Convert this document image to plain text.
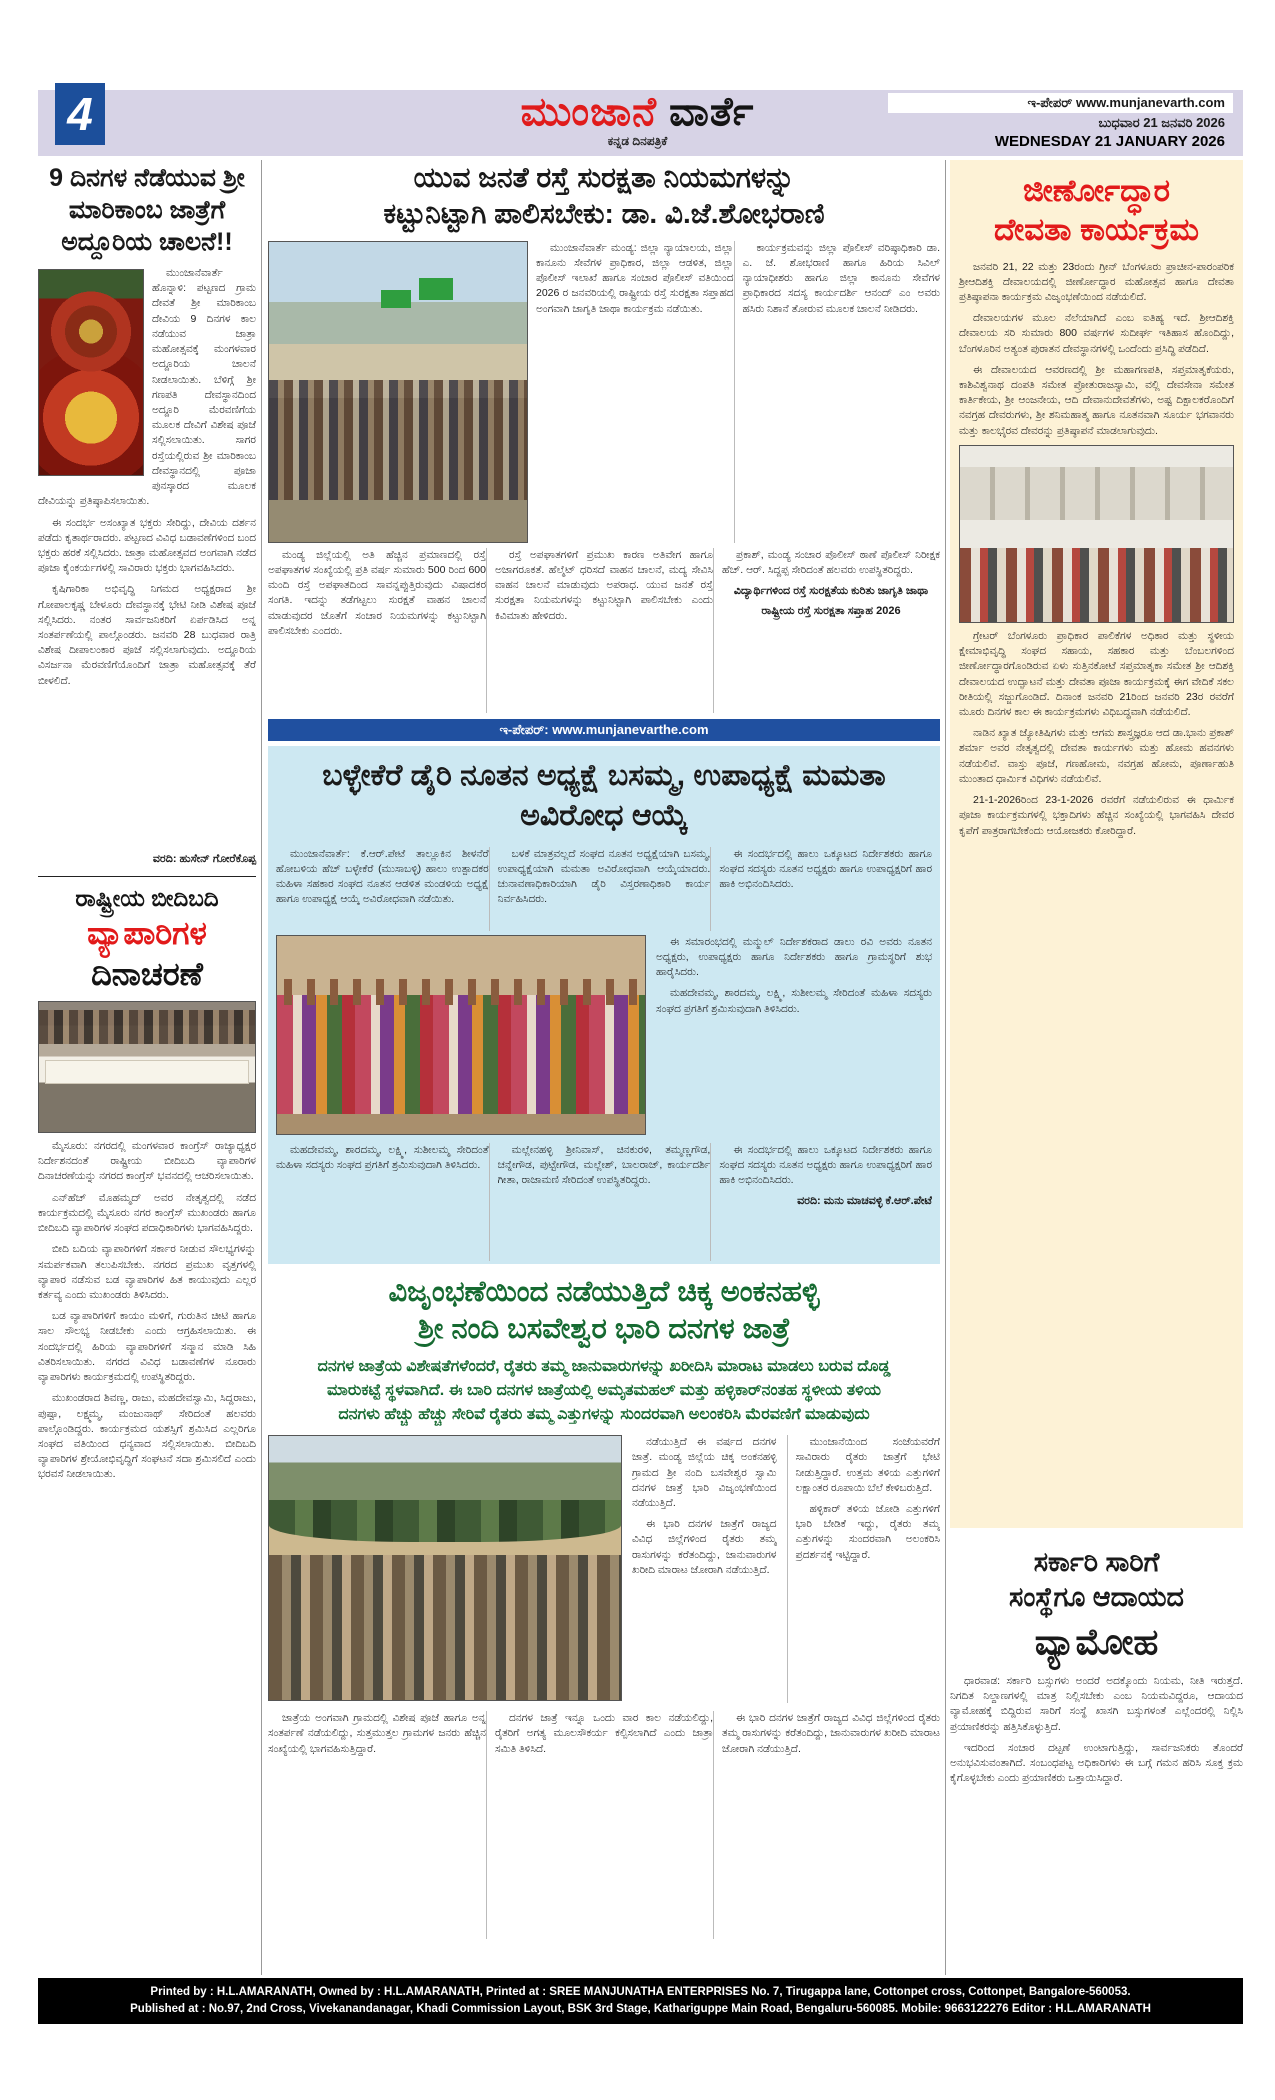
4	ಮುಂಜಾನೆ ವಾರ್ತೆ
ಕನ್ನಡ ದಿನಪತ್ರಿಕೆ
ಇ-ಪೇಪರ್ www.munjanevarth.com
ಬುಧವಾರ 21 ಜನವರಿ 2026
WEDNESDAY 21 JANUARY 2026
9 ದಿನಗಳ ನೆಡೆಯುವ ಶ್ರೀ ಮಾರಿಕಾಂಬ ಜಾತ್ರೆಗೆ ಅದ್ದೂರಿಯ ಚಾಲನೆ!!

ಮುಂಜಾನೆವಾರ್ತೆ ಹೊನ್ನಾಳಿ: ಪಟ್ಟಣದ ಗ್ರಾಮ ದೇವತೆ ಶ್ರೀ ಮಾರಿಕಾಂಬ ದೇವಿಯ 9 ದಿನಗಳ ಕಾಲ ನಡೆಯುವ ಜಾತ್ರಾ ಮಹೋತ್ಸವಕ್ಕೆ ಮಂಗಳವಾರ ಅದ್ದೂರಿಯ ಚಾಲನೆ ನೀಡಲಾಯಿತು. ಬೆಳಿಗ್ಗೆ ಶ್ರೀ ಗಣಪತಿ ದೇವಸ್ಥಾನದಿಂದ ಅದ್ದೂರಿ ಮೆರವಣಿಗೆಯ ಮೂಲಕ ದೇವಿಗೆ ವಿಶೇಷ ಪೂಜೆ ಸಲ್ಲಿಸಲಾಯಿತು. ಸಾಗರ ರಸ್ತೆಯಲ್ಲಿರುವ ಶ್ರೀ ಮಾರಿಕಾಂಬ ದೇವಸ್ಥಾನದಲ್ಲಿ ಪೂಜಾ ಪುನಸ್ಕಾರದ ಮೂಲಕ ದೇವಿಯನ್ನು ಪ್ರತಿಷ್ಠಾಪಿಸಲಾಯಿತು.

ಈ ಸಂದರ್ಭ ಅಸಂಖ್ಯಾತ ಭಕ್ತರು ಸೇರಿದ್ದು, ದೇವಿಯ ದರ್ಶನ ಪಡೆದು ಕೃತಾರ್ಥರಾದರು. ಪಟ್ಟಣದ ವಿವಿಧ ಬಡಾವಣೆಗಳಿಂದ ಬಂದ ಭಕ್ತರು ಹರಕೆ ಸಲ್ಲಿಸಿದರು. ಜಾತ್ರಾ ಮಹೋತ್ಸವದ ಅಂಗವಾಗಿ ನಡೆದ ಪೂಜಾ ಕೈಂಕರ್ಯಗಳಲ್ಲಿ ಸಾವಿರಾರು ಭಕ್ತರು ಭಾಗವಹಿಸಿದರು.

ಕೃಷಿಗಾರಿಕಾ ಅಭಿವೃದ್ಧಿ ನಿಗಮದ ಅಧ್ಯಕ್ಷರಾದ ಶ್ರೀ ಗೋಪಾಲಕೃಷ್ಣ ಬೇಳೂರು ದೇವಸ್ಥಾನಕ್ಕೆ ಭೇಟಿ ನೀಡಿ ವಿಶೇಷ ಪೂಜೆ ಸಲ್ಲಿಸಿದರು. ನಂತರ ಸಾರ್ವಜನಿಕರಿಗೆ ಏರ್ಪಡಿಸಿದ ಅನ್ನ ಸಂತರ್ಪಣೆಯಲ್ಲಿ ಪಾಲ್ಗೊಂಡರು. ಜನವರಿ 28 ಬುಧವಾರ ರಾತ್ರಿ ವಿಶೇಷ ದೀಪಾಲಂಕಾರ ಪೂಜೆ ಸಲ್ಲಿಸಲಾಗುವುದು. ಅದ್ದೂರಿಯ ವಿಸರ್ಜನಾ ಮೆರವಣಿಗೆಯೊಂದಿಗೆ ಜಾತ್ರಾ ಮಹೋತ್ಸವಕ್ಕೆ ತೆರೆ ಬೀಳಲಿದೆ.

ವರದಿ: ಹುಸೇನ್ ಗೋರೆಕೊಪ್ಪ
ರಾಷ್ಟ್ರೀಯ ಬೀದಿಬದಿ
ವ್ಯಾಪಾರಿಗಳ
ದಿನಾಚರಣೆ

ಮೈಸೂರು: ನಗರದಲ್ಲಿ ಮಂಗಳವಾರ ಕಾಂಗ್ರೆಸ್ ರಾಜ್ಯಾಧ್ಯಕ್ಷರ ನಿರ್ದೇಶನದಂತೆ ರಾಷ್ಟ್ರೀಯ ಬೀದಿಬದಿ ವ್ಯಾಪಾರಿಗಳ ದಿನಾಚರಣೆಯನ್ನು ನಗರದ ಕಾಂಗ್ರೆಸ್ ಭವನದಲ್ಲಿ ಆಚರಿಸಲಾಯಿತು.

ಎನ್‌ಹೆಚ್ ಮೊಹಮ್ಮದ್ ಅವರ ನೇತೃತ್ವದಲ್ಲಿ ನಡೆದ ಕಾರ್ಯಕ್ರಮದಲ್ಲಿ ಮೈಸೂರು ನಗರ ಕಾಂಗ್ರೆಸ್ ಮುಖಂಡರು ಹಾಗೂ ಬೀದಿಬದಿ ವ್ಯಾಪಾರಿಗಳ ಸಂಘದ ಪದಾಧಿಕಾರಿಗಳು ಭಾಗವಹಿಸಿದ್ದರು.

ಬೀದಿ ಬದಿಯ ವ್ಯಾಪಾರಿಗಳಿಗೆ ಸರ್ಕಾರ ನೀಡುವ ಸೌಲಭ್ಯಗಳನ್ನು ಸಮರ್ಪಕವಾಗಿ ತಲುಪಿಸಬೇಕು. ನಗರದ ಪ್ರಮುಖ ವೃತ್ತಗಳಲ್ಲಿ ವ್ಯಾಪಾರ ನಡೆಸುವ ಬಡ ವ್ಯಾಪಾರಿಗಳ ಹಿತ ಕಾಯುವುದು ಎಲ್ಲರ ಕರ್ತವ್ಯ ಎಂದು ಮುಖಂಡರು ತಿಳಿಸಿದರು.

ಬಡ ವ್ಯಾಪಾರಿಗಳಿಗೆ ಕಾಯಂ ಮಳಿಗೆ, ಗುರುತಿನ ಚೀಟಿ ಹಾಗೂ ಸಾಲ ಸೌಲಭ್ಯ ನೀಡಬೇಕು ಎಂದು ಆಗ್ರಹಿಸಲಾಯಿತು. ಈ ಸಂದರ್ಭದಲ್ಲಿ ಹಿರಿಯ ವ್ಯಾಪಾರಿಗಳಿಗೆ ಸನ್ಮಾನ ಮಾಡಿ ಸಿಹಿ ವಿತರಿಸಲಾಯಿತು. ನಗರದ ವಿವಿಧ ಬಡಾವಣೆಗಳ ನೂರಾರು ವ್ಯಾಪಾರಿಗಳು ಕಾರ್ಯಕ್ರಮದಲ್ಲಿ ಉಪಸ್ಥಿತರಿದ್ದರು.

ಮುಖಂಡರಾದ ಶಿವಣ್ಣ, ರಾಜು, ಮಹದೇವಸ್ವಾಮಿ, ಸಿದ್ದರಾಜು, ಪುಷ್ಪಾ, ಲಕ್ಷ್ಮಮ್ಮ, ಮಂಜುನಾಥ್ ಸೇರಿದಂತೆ ಹಲವರು ಪಾಲ್ಗೊಂಡಿದ್ದರು. ಕಾರ್ಯಕ್ರಮದ ಯಶಸ್ಸಿಗೆ ಶ್ರಮಿಸಿದ ಎಲ್ಲರಿಗೂ ಸಂಘದ ವತಿಯಿಂದ ಧನ್ಯವಾದ ಸಲ್ಲಿಸಲಾಯಿತು. ಬೀದಿಬದಿ ವ್ಯಾಪಾರಿಗಳ ಶ್ರೇಯೋಭಿವೃದ್ಧಿಗೆ ಸಂಘಟನೆ ಸದಾ ಶ್ರಮಿಸಲಿದೆ ಎಂದು ಭರವಸೆ ನೀಡಲಾಯಿತು.

ಯುವ ಜನತೆ ರಸ್ತೆ ಸುರಕ್ಷತಾ ನಿಯಮಗಳನ್ನು
ಕಟ್ಟುನಿಟ್ಟಾಗಿ ಪಾಲಿಸಬೇಕು: ಡಾ. ವಿ.ಜೆ.ಶೋಭರಾಣಿ

ಮುಂಜಾನೆವಾರ್ತೆ ಮಂಡ್ಯ: ಜಿಲ್ಲಾ ನ್ಯಾಯಾಲಯ, ಜಿಲ್ಲಾ ಕಾನೂನು ಸೇವೆಗಳ ಪ್ರಾಧಿಕಾರ, ಜಿಲ್ಲಾ ಆಡಳಿತ, ಜಿಲ್ಲಾ ಪೊಲೀಸ್ ಇಲಾಖೆ ಹಾಗೂ ಸಂಚಾರ ಪೊಲೀಸ್ ವತಿಯಿಂದ 2026 ರ ಜನವರಿಯಲ್ಲಿ ರಾಷ್ಟ್ರೀಯ ರಸ್ತೆ ಸುರಕ್ಷತಾ ಸಪ್ತಾಹದ ಅಂಗವಾಗಿ ಜಾಗೃತಿ ಜಾಥಾ ಕಾರ್ಯಕ್ರಮ ನಡೆಯಿತು.

ಕಾರ್ಯಕ್ರಮವನ್ನು ಜಿಲ್ಲಾ ಪೊಲೀಸ್ ವರಿಷ್ಠಾಧಿಕಾರಿ ಡಾ. ಎ. ಜೆ. ಶೋಭರಾಣಿ ಹಾಗೂ ಹಿರಿಯ ಸಿವಿಲ್ ನ್ಯಾಯಾಧೀಶರು ಹಾಗೂ ಜಿಲ್ಲಾ ಕಾನೂನು ಸೇವೆಗಳ ಪ್ರಾಧಿಕಾರದ ಸದಸ್ಯ ಕಾರ್ಯದರ್ಶಿ ಆನಂದ್ ಎಂ ಅವರು ಹಸಿರು ನಿಶಾನೆ ತೋರುವ ಮೂಲಕ ಚಾಲನೆ ನೀಡಿದರು.

ಮಂಡ್ಯ ಜಿಲ್ಲೆಯಲ್ಲಿ ಅತಿ ಹೆಚ್ಚಿನ ಪ್ರಮಾಣದಲ್ಲಿ ರಸ್ತೆ ಅಪಘಾತಗಳ ಸಂಖ್ಯೆಯಲ್ಲಿ ಪ್ರತಿ ವರ್ಷ ಸುಮಾರು 500 ರಿಂದ 600 ಮಂದಿ ರಸ್ತೆ ಅಪಘಾತದಿಂದ ಸಾವನ್ನಪ್ಪುತ್ತಿರುವುದು ವಿಷಾದಕರ ಸಂಗತಿ. ಇದನ್ನು ತಡೆಗಟ್ಟಲು ಸುರಕ್ಷತೆ ವಾಹನ ಚಾಲನೆ ಮಾಡುವುದರ ಜೊತೆಗೆ ಸಂಚಾರ ನಿಯಮಗಳನ್ನು ಕಟ್ಟುನಿಟ್ಟಾಗಿ ಪಾಲಿಸಬೇಕು ಎಂದರು.

ರಸ್ತೆ ಅಪಘಾತಗಳಿಗೆ ಪ್ರಮುಖ ಕಾರಣ ಅತಿವೇಗ ಹಾಗೂ ಅಜಾಗರೂಕತೆ. ಹೆಲ್ಮೆಟ್ ಧರಿಸದೆ ವಾಹನ ಚಾಲನೆ, ಮದ್ಯ ಸೇವಿಸಿ ವಾಹನ ಚಾಲನೆ ಮಾಡುವುದು ಅಪರಾಧ. ಯುವ ಜನತೆ ರಸ್ತೆ ಸುರಕ್ಷತಾ ನಿಯಮಗಳನ್ನು ಕಟ್ಟುನಿಟ್ಟಾಗಿ ಪಾಲಿಸಬೇಕು ಎಂದು ಕಿವಿಮಾತು ಹೇಳಿದರು.

ಪ್ರಕಾಶ್, ಮಂಡ್ಯ ಸಂಚಾರ ಪೊಲೀಸ್ ಠಾಣೆ ಪೊಲೀಸ್ ನಿರೀಕ್ಷಕ ಹೆಚ್. ಆರ್. ಸಿದ್ದಪ್ಪ ಸೇರಿದಂತೆ ಹಲವರು ಉಪಸ್ಥಿತರಿದ್ದರು.

ವಿದ್ಯಾರ್ಥಿಗಳಿಂದ ರಸ್ತೆ ಸುರಕ್ಷತೆಯ ಕುರಿತು ಜಾಗೃತಿ ಜಾಥಾ
ರಾಷ್ಟ್ರೀಯ ರಸ್ತೆ ಸುರಕ್ಷತಾ ಸಪ್ತಾಹ 2026
ಇ-ಪೇಪರ್: www.munjanevarthe.com
ಬಳ್ಳೇಕೆರೆ ಡೈರಿ ನೂತನ ಅಧ್ಯಕ್ಷೆ ಬಸಮ್ಮ, ಉಪಾಧ್ಯಕ್ಷೆ ಮಮತಾ ಅವಿರೋಧ ಆಯ್ಕೆ

ಮುಂಜಾನೆವಾರ್ತೆ: ಕೆ.ಆರ್.ಪೇಟೆ ತಾಲ್ಲೂಕಿನ ಶೀಳನೆರೆ ಹೋಬಳಿಯ ಹೆಚ್ ಬಳ್ಳೇಕೆರೆ (ಮುಸಾಬಳ್ಳಿ) ಹಾಲು ಉತ್ಪಾದಕರ ಮಹಿಳಾ ಸಹಕಾರ ಸಂಘದ ನೂತನ ಆಡಳಿತ ಮಂಡಳಿಯ ಅಧ್ಯಕ್ಷೆ ಹಾಗೂ ಉಪಾಧ್ಯಕ್ಷೆ ಆಯ್ಕೆ ಅವಿರೋಧವಾಗಿ ನಡೆಯಿತು.

ಬಳಕೆ ಮಾತ್ರವಲ್ಲದೆ ಸಂಘದ ನೂತನ ಅಧ್ಯಕ್ಷೆಯಾಗಿ ಬಸಮ್ಮ, ಉಪಾಧ್ಯಕ್ಷೆಯಾಗಿ ಮಮತಾ ಅವಿರೋಧವಾಗಿ ಆಯ್ಕೆಯಾದರು. ಚುನಾವಣಾಧಿಕಾರಿಯಾಗಿ ಡೈರಿ ವಿಸ್ತರಣಾಧಿಕಾರಿ ಕಾರ್ಯ ನಿರ್ವಹಿಸಿದರು.

ಈ ಸಂದರ್ಭದಲ್ಲಿ ಹಾಲು ಒಕ್ಕೂಟದ ನಿರ್ದೇಶಕರು ಹಾಗೂ ಸಂಘದ ಸದಸ್ಯರು ನೂತನ ಅಧ್ಯಕ್ಷರು ಹಾಗೂ ಉಪಾಧ್ಯಕ್ಷರಿಗೆ ಹಾರ ಹಾಕಿ ಅಭಿನಂದಿಸಿದರು.

ಈ ಸಮಾರಂಭದಲ್ಲಿ ಮನ್ಮುಲ್ ನಿರ್ದೇಶಕರಾದ ಡಾಲು ರವಿ ಅವರು ನೂತನ ಅಧ್ಯಕ್ಷರು, ಉಪಾಧ್ಯಕ್ಷರು ಹಾಗೂ ನಿರ್ದೇಶಕರು ಹಾಗೂ ಗ್ರಾಮಸ್ಥರಿಗೆ ಶುಭ ಹಾರೈಸಿದರು.

ಮಹದೇವಮ್ಮ, ಶಾರದಮ್ಮ, ಲಕ್ಷ್ಮಿ, ಸುಶೀಲಮ್ಮ ಸೇರಿದಂತೆ ಮಹಿಳಾ ಸದಸ್ಯರು ಸಂಘದ ಪ್ರಗತಿಗೆ ಶ್ರಮಿಸುವುದಾಗಿ ತಿಳಿಸಿದರು.

ಮಹದೇವಮ್ಮ, ಶಾರದಮ್ಮ, ಲಕ್ಷ್ಮಿ, ಸುಶೀಲಮ್ಮ ಸೇರಿದಂತೆ ಮಹಿಳಾ ಸದಸ್ಯರು ಸಂಘದ ಪ್ರಗತಿಗೆ ಶ್ರಮಿಸುವುದಾಗಿ ತಿಳಿಸಿದರು.

ಮಲ್ಲೇನಹಳ್ಳಿ ಶ್ರೀನಿವಾಸ್, ಚಿನಕುರಳಿ, ತಮ್ಮಣ್ಣಗೌಡ, ಚನ್ನೇಗೌಡ, ಪುಟ್ಟೇಗೌಡ, ಮಲ್ಲೇಶ್, ಬಾಲರಾಜ್, ಕಾರ್ಯದರ್ಶಿ ಗೀತಾ, ರಾಜಾಮಣಿ ಸೇರಿದಂತೆ ಉಪಸ್ಥಿತರಿದ್ದರು.

ಈ ಸಂದರ್ಭದಲ್ಲಿ ಹಾಲು ಒಕ್ಕೂಟದ ನಿರ್ದೇಶಕರು ಹಾಗೂ ಸಂಘದ ಸದಸ್ಯರು ನೂತನ ಅಧ್ಯಕ್ಷರು ಹಾಗೂ ಉಪಾಧ್ಯಕ್ಷರಿಗೆ ಹಾರ ಹಾಕಿ ಅಭಿನಂದಿಸಿದರು.

ವರದಿ: ಮನು ಮಾಚವಳ್ಳಿ ಕೆ.ಆರ್.ಪೇಟೆ
ವಿಜೃಂಭಣೆಯಿಂದ ನಡೆಯುತ್ತಿದೆ ಚಿಕ್ಕ ಅಂಕನಹಳ್ಳಿ
ಶ್ರೀ ನಂದಿ ಬಸವೇಶ್ವರ ಭಾರಿ ದನಗಳ ಜಾತ್ರೆ
ದನಗಳ ಜಾತ್ರೆಯ ವಿಶೇಷತೆಗಳೆಂದರೆ, ರೈತರು ತಮ್ಮ ಜಾನುವಾರುಗಳನ್ನು ಖರೀದಿಸಿ ಮಾರಾಟ ಮಾಡಲು ಬರುವ ದೊಡ್ಡ ಮಾರುಕಟ್ಟೆ ಸ್ಥಳವಾಗಿದೆ. ಈ ಬಾರಿ ದನಗಳ ಜಾತ್ರೆಯಲ್ಲಿ ಅಮೃತಮಹಲ್ ಮತ್ತು ಹಳ್ಳಿಕಾರ್‌ನಂತಹ ಸ್ಥಳೀಯ ತಳಿಯ ದನಗಳು ಹೆಚ್ಚು ಹೆಚ್ಚು ಸೇರಿವೆ ರೈತರು ತಮ್ಮ ಎತ್ತುಗಳನ್ನು ಸುಂದರವಾಗಿ ಅಲಂಕರಿಸಿ ಮೆರವಣಿಗೆ ಮಾಡುವುದು

ನಡೆಯುತ್ತಿದೆ ಈ ವರ್ಷದ ದನಗಳ ಜಾತ್ರೆ. ಮಂಡ್ಯ ಜಿಲ್ಲೆಯ ಚಿಕ್ಕ ಅಂಕನಹಳ್ಳಿ ಗ್ರಾಮದ ಶ್ರೀ ನಂದಿ ಬಸವೇಶ್ವರ ಸ್ವಾಮಿ ದನಗಳ ಜಾತ್ರೆ ಭಾರಿ ವಿಜೃಂಭಣೆಯಿಂದ ನಡೆಯುತ್ತಿದೆ.

ಈ ಭಾರಿ ದನಗಳ ಜಾತ್ರೆಗೆ ರಾಜ್ಯದ ವಿವಿಧ ಜಿಲ್ಲೆಗಳಿಂದ ರೈತರು ತಮ್ಮ ರಾಸುಗಳನ್ನು ಕರೆತಂದಿದ್ದು, ಜಾನುವಾರುಗಳ ಖರೀದಿ ಮಾರಾಟ ಜೋರಾಗಿ ನಡೆಯುತ್ತಿದೆ.

ಮುಂಜಾನೆಯಿಂದ ಸಂಜೆಯವರೆಗೆ ಸಾವಿರಾರು ರೈತರು ಜಾತ್ರೆಗೆ ಭೇಟಿ ನೀಡುತ್ತಿದ್ದಾರೆ. ಉತ್ತಮ ತಳಿಯ ಎತ್ತುಗಳಿಗೆ ಲಕ್ಷಾಂತರ ರೂಪಾಯಿ ಬೆಲೆ ಕೇಳಿಬರುತ್ತಿದೆ.

ಹಳ್ಳಿಕಾರ್ ತಳಿಯ ಜೋಡಿ ಎತ್ತುಗಳಿಗೆ ಭಾರಿ ಬೇಡಿಕೆ ಇದ್ದು, ರೈತರು ತಮ್ಮ ಎತ್ತುಗಳನ್ನು ಸುಂದರವಾಗಿ ಅಲಂಕರಿಸಿ ಪ್ರದರ್ಶನಕ್ಕೆ ಇಟ್ಟಿದ್ದಾರೆ.

ಜಾತ್ರೆಯ ಅಂಗವಾಗಿ ಗ್ರಾಮದಲ್ಲಿ ವಿಶೇಷ ಪೂಜೆ ಹಾಗೂ ಅನ್ನ ಸಂತರ್ಪಣೆ ನಡೆಯಲಿದ್ದು, ಸುತ್ತಮುತ್ತಲ ಗ್ರಾಮಗಳ ಜನರು ಹೆಚ್ಚಿನ ಸಂಖ್ಯೆಯಲ್ಲಿ ಭಾಗವಹಿಸುತ್ತಿದ್ದಾರೆ.

ದನಗಳ ಜಾತ್ರೆ ಇನ್ನೂ ಒಂದು ವಾರ ಕಾಲ ನಡೆಯಲಿದ್ದು, ರೈತರಿಗೆ ಅಗತ್ಯ ಮೂಲಸೌಕರ್ಯ ಕಲ್ಪಿಸಲಾಗಿದೆ ಎಂದು ಜಾತ್ರಾ ಸಮಿತಿ ತಿಳಿಸಿದೆ.

ಈ ಭಾರಿ ದನಗಳ ಜಾತ್ರೆಗೆ ರಾಜ್ಯದ ವಿವಿಧ ಜಿಲ್ಲೆಗಳಿಂದ ರೈತರು ತಮ್ಮ ರಾಸುಗಳನ್ನು ಕರೆತಂದಿದ್ದು, ಜಾನುವಾರುಗಳ ಖರೀದಿ ಮಾರಾಟ ಜೋರಾಗಿ ನಡೆಯುತ್ತಿದೆ.

ಜೀರ್ಣೋದ್ಧಾರ
ದೇವತಾ ಕಾರ್ಯಕ್ರಮ

ಜನವರಿ 21, 22 ಮತ್ತು 23ರಂದು ಗ್ರೀನ್ ಬೆಂಗಳೂರು ಪ್ರಾಚೀನ-ಪಾರಂಪರಿಕ ಶ್ರೀಆದಿಶಕ್ತಿ ದೇವಾಲಯದಲ್ಲಿ ಜೀರ್ಣೋದ್ಧಾರ ಮಹೋತ್ಸವ ಹಾಗೂ ದೇವತಾ ಪ್ರತಿಷ್ಠಾಪನಾ ಕಾರ್ಯಕ್ರಮ ವಿಜೃಂಭಣೆಯಿಂದ ನಡೆಯಲಿದೆ.

ದೇವಾಲಯಗಳ ಮೂಲ ನೆಲೆಯಾಗಿದೆ ಎಂಬ ಐತಿಹ್ಯ ಇದೆ. ಶ್ರೀಆದಿಶಕ್ತಿ ದೇವಾಲಯ ಸರಿ ಸುಮಾರು 800 ವರ್ಷಗಳ ಸುದೀರ್ಘ ಇತಿಹಾಸ ಹೊಂದಿದ್ದು, ಬೆಂಗಳೂರಿನ ಅತ್ಯಂತ ಪುರಾತನ ದೇವಸ್ಥಾನಗಳಲ್ಲಿ ಒಂದೆಂದು ಪ್ರಸಿದ್ಧಿ ಪಡೆದಿದೆ.

ಈ ದೇವಾಲಯದ ಆವರಣದಲ್ಲಿ ಶ್ರೀ ಮಹಾಗಣಪತಿ, ಸಪ್ತಮಾತೃಕೆಯರು, ಕಾಶಿವಿಶ್ವನಾಥ ದಂಪತಿ ಸಮೇತ ಪ್ರೋತುರಾಜಸ್ವಾಮಿ, ವಲ್ಲಿ ದೇವಸೇನಾ ಸಮೇತ ಕಾರ್ತಿಕೇಯ, ಶ್ರೀ ಆಂಜನೇಯ, ಆದಿ ದೇವಾನುದೇವತೆಗಳು, ಅಷ್ಟ ದಿಕ್ಪಾಲಕರೊಂದಿಗೆ ನವಗ್ರಹ ದೇವರುಗಳು, ಶ್ರೀ ಶನಿಮಹಾತ್ಮ ಹಾಗೂ ನೂತನವಾಗಿ ಸೂರ್ಯ ಭಗವಾನರು ಮತ್ತು ಕಾಲಭೈರವ ದೇವರನ್ನು ಪ್ರತಿಷ್ಠಾಪನೆ ಮಾಡಲಾಗುವುದು.

ಗ್ರೇಟರ್ ಬೆಂಗಳೂರು ಪ್ರಾಧಿಕಾರ ಪಾಲಿಕೆಗಳ ಅಧಿಕಾರ ಮತ್ತು ಸ್ಥಳೀಯ ಕ್ಷೇಮಾಭಿವೃದ್ಧಿ ಸಂಘದ ಸಹಾಯ, ಸಹಕಾರ ಮತ್ತು ಬೆಂಬಲಗಳಿಂದ ಜೀರ್ಣೋದ್ಧಾರಗೊಂಡಿರುವ ಏಳು ಸುತ್ತಿನಕೋಟೆ ಸಪ್ತಮಾತೃಕಾ ಸಮೇತ ಶ್ರೀ ಆದಿಶಕ್ತಿ ದೇವಾಲಯದ ಉದ್ಘಾಟನೆ ಮತ್ತು ದೇವತಾ ಪೂಜಾ ಕಾರ್ಯಕ್ರಮಕ್ಕೆ ಈಗ ವೇದಿಕೆ ಸಕಲ ರೀತಿಯಲ್ಲಿ ಸಜ್ಜುಗೊಂಡಿದೆ. ದಿನಾಂಕ ಜನವರಿ 21ರಿಂದ ಜನವರಿ 23ರ ರವರೆಗೆ ಮೂರು ದಿನಗಳ ಕಾಲ ಈ ಕಾರ್ಯಕ್ರಮಗಳು ವಿಧಿಬದ್ಧವಾಗಿ ನಡೆಯಲಿದೆ.

ನಾಡಿನ ಖ್ಯಾತ ಜ್ಯೋತಿಷಿಗಳು ಮತ್ತು ಆಗಮ ಶಾಸ್ತ್ರಜ್ಞರೂ ಆದ ಡಾ.ಭಾನು ಪ್ರಕಾಶ್ ಶರ್ಮಾ ಅವರ ನೇತೃತ್ವದಲ್ಲಿ ದೇವತಾ ಕಾರ್ಯಗಳು ಮತ್ತು ಹೋಮ ಹವನಗಳು ನಡೆಯಲಿವೆ. ವಾಸ್ತು ಪೂಜೆ, ಗಣಹೋಮ, ನವಗ್ರಹ ಹೋಮ, ಪೂರ್ಣಾಹುತಿ ಮುಂತಾದ ಧಾರ್ಮಿಕ ವಿಧಿಗಳು ನಡೆಯಲಿವೆ.

21-1-2026ರಿಂದ 23-1-2026 ರವರೆಗೆ ನಡೆಯಲಿರುವ ಈ ಧಾರ್ಮಿಕ ಪೂಜಾ ಕಾರ್ಯಕ್ರಮಗಳಲ್ಲಿ ಭಕ್ತಾದಿಗಳು ಹೆಚ್ಚಿನ ಸಂಖ್ಯೆಯಲ್ಲಿ ಭಾಗವಹಿಸಿ ದೇವರ ಕೃಪೆಗೆ ಪಾತ್ರರಾಗಬೇಕೆಂದು ಆಯೋಜಕರು ಕೋರಿದ್ದಾರೆ.

ಸರ್ಕಾರಿ ಸಾರಿಗೆ
ಸಂಸ್ಥೆಗೂ ಆದಾಯದ
ವ್ಯಾಮೋಹ

ಧಾರವಾಡ: ಸರ್ಕಾರಿ ಬಸ್ಸುಗಳು ಅಂದರೆ ಅದಕ್ಕೊಂದು ನಿಯಮ, ನೀತಿ ಇರುತ್ತದೆ. ನಿಗದಿತ ನಿಲ್ದಾಣಗಳಲ್ಲಿ ಮಾತ್ರ ನಿಲ್ಲಿಸಬೇಕು ಎಂಬ ನಿಯಮವಿದ್ದರೂ, ಆದಾಯದ ವ್ಯಾಮೋಹಕ್ಕೆ ಬಿದ್ದಿರುವ ಸಾರಿಗೆ ಸಂಸ್ಥೆ ಖಾಸಗಿ ಬಸ್ಸುಗಳಂತೆ ಎಲ್ಲೆಂದರಲ್ಲಿ ನಿಲ್ಲಿಸಿ ಪ್ರಯಾಣಿಕರನ್ನು ಹತ್ತಿಸಿಕೊಳ್ಳುತ್ತಿದೆ.

ಇದರಿಂದ ಸಂಚಾರ ದಟ್ಟಣೆ ಉಂಟಾಗುತ್ತಿದ್ದು, ಸಾರ್ವಜನಿಕರು ತೊಂದರೆ ಅನುಭವಿಸುವಂತಾಗಿದೆ. ಸಂಬಂಧಪಟ್ಟ ಅಧಿಕಾರಿಗಳು ಈ ಬಗ್ಗೆ ಗಮನ ಹರಿಸಿ ಸೂಕ್ತ ಕ್ರಮ ಕೈಗೊಳ್ಳಬೇಕು ಎಂದು ಪ್ರಯಾಣಿಕರು ಒತ್ತಾಯಿಸಿದ್ದಾರೆ.

Printed by : H.L.AMARANATH, Owned by : H.L.AMARANATH, Printed at : SREE MANJUNATHA ENTERPRISES No. 7, Tirugappa lane, Cottonpet cross, Cottonpet, Bangalore-560053.
Published at : No.97, 2nd Cross, Vivekanandanagar, Khadi Commission Layout, BSK 3rd Stage, Kathariguppe Main Road, Bengaluru-560085. Mobile: 9663122276 Editor : H.L.AMARANATH
